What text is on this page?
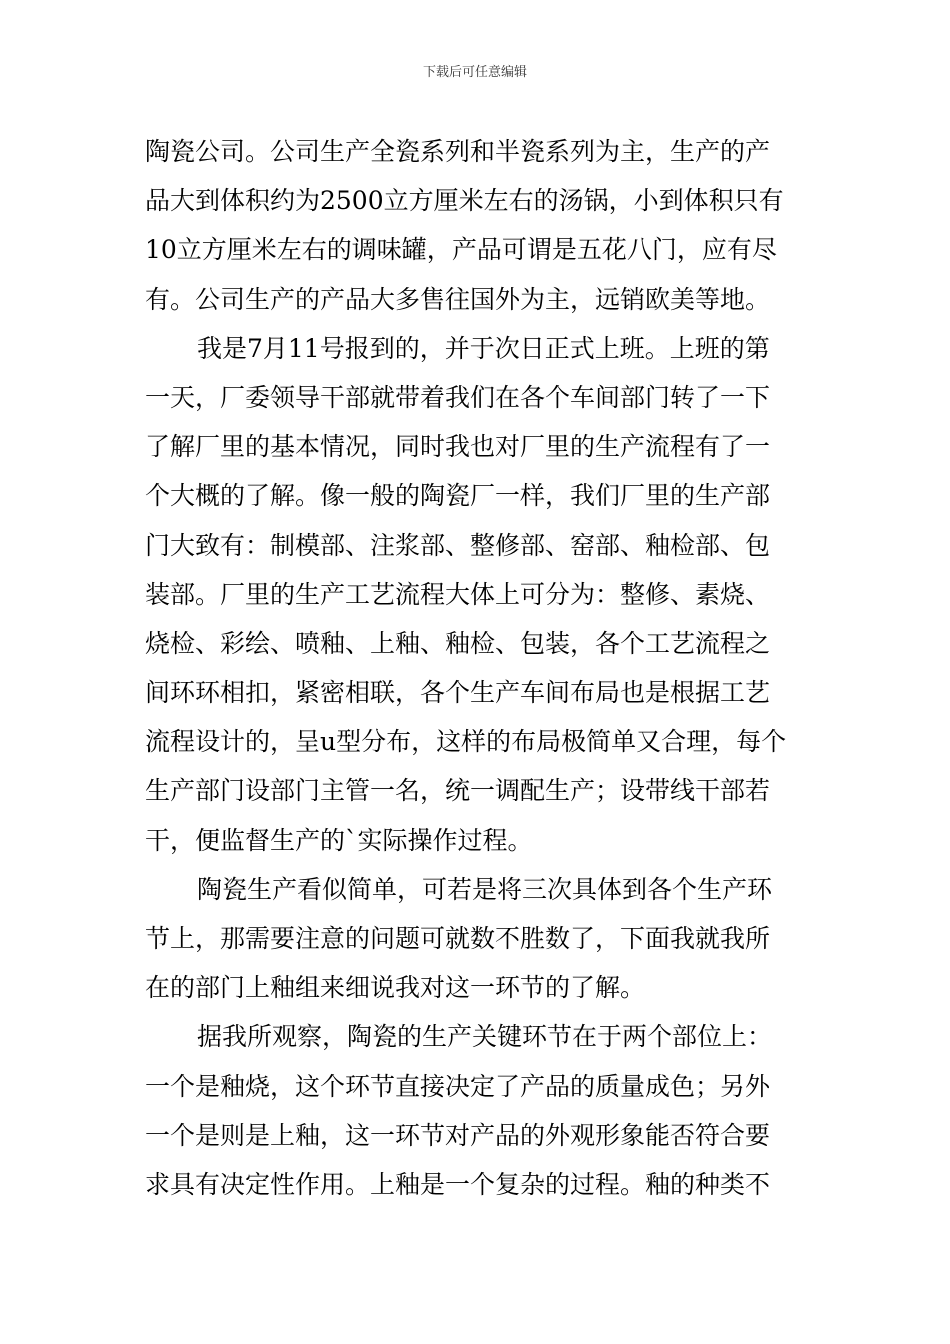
下载后可任意编辑
陶瓷公司。公司生产全瓷系列和半瓷系列为主，生产的产
品大到体积约为2500立方厘米左右的汤锅，小到体积只有
10立方厘米左右的调味罐，产品可谓是五花八门，应有尽
有。公司生产的产品大多售往国外为主，远销欧美等地。
我是7月11号报到的，并于次日正式上班。上班的第
一天，厂委领导干部就带着我们在各个车间部门转了一下
了解厂里的基本情况，同时我也对厂里的生产流程有了一
个大概的了解。像一般的陶瓷厂一样，我们厂里的生产部
门大致有：制模部、注浆部、整修部、窑部、釉检部、包
装部。厂里的生产工艺流程大体上可分为：整修、素烧、
烧检、彩绘、喷釉、上釉、釉检、包装，各个工艺流程之
间环环相扣，紧密相联，各个生产车间布局也是根据工艺
流程设计的，呈u型分布，这样的布局极简单又合理，每个
生产部门设部门主管一名，统一调配生产；设带线干部若
干，便监督生产的`实际操作过程。
陶瓷生产看似简单，可若是将三次具体到各个生产环
节上，那需要注意的问题可就数不胜数了，下面我就我所
在的部门上釉组来细说我对这一环节的了解。
据我所观察，陶瓷的生产关键环节在于两个部位上：
一个是釉烧，这个环节直接决定了产品的质量成色；另外
一个是则是上釉，这一环节对产品的外观形象能否符合要
求具有决定性作用。上釉是一个复杂的过程。釉的种类不
